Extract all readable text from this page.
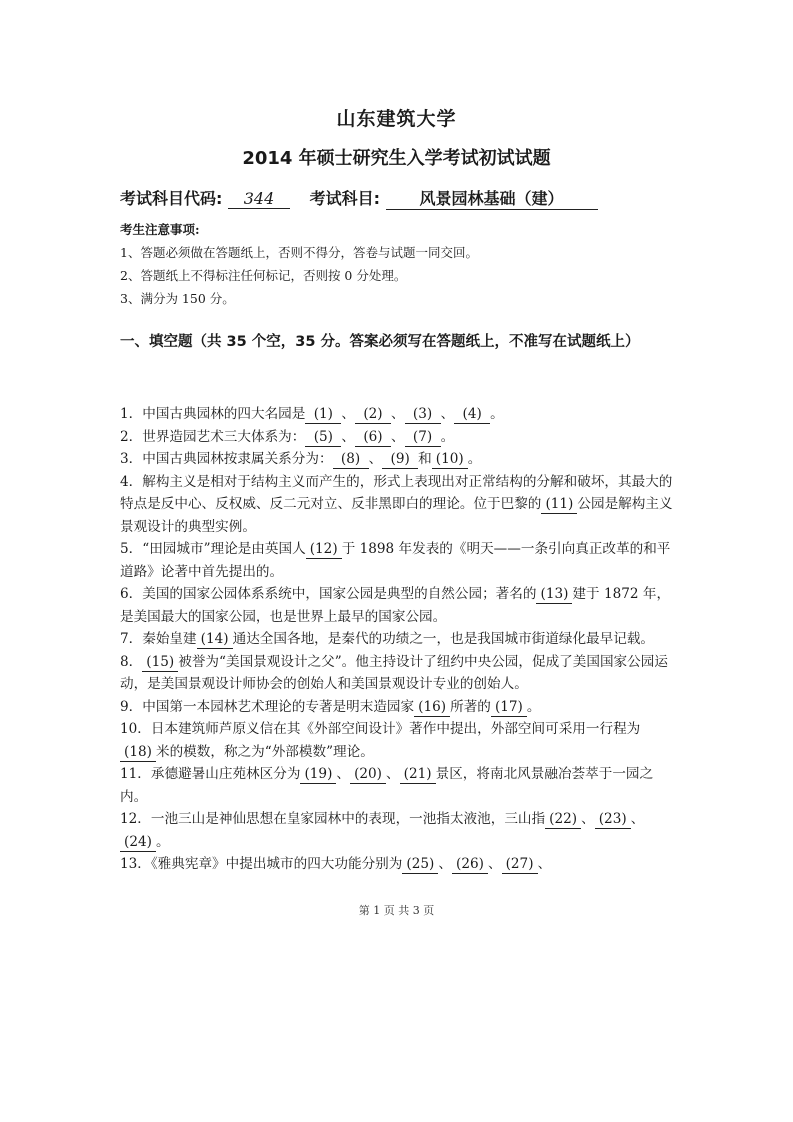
山东建筑大学
2014 年硕士研究生入学考试初试试题
考试科目代码: 344 考试科目: 风景园林基础（建）
考生注意事项:
1、答题必须做在答题纸上，否则不得分，答卷与试题一同交回。
2、答题纸上不得标注任何标记，否则按 0 分处理。
3、满分为 150 分。
一、填空题（共 35 个空，35 分。答案必须写在答题纸上，不准写在试题纸上）

1．中国古典园林的四大名园是 (1) 、 (2) 、 (3) 、 (4) 。

2．世界造园艺术三大体系为： (5) 、 (6) 、 (7) 。

3．中国古典园林按隶属关系分为： (8) 、 (9) 和 (10) 。

4．解构主义是相对于结构主义而产生的，形式上表现出对正常结构的分解和破坏，其最大的特点是反中心、反权威、反二元对立、反非黑即白的理论。位于巴黎的 (11) 公园是解构主义景观设计的典型实例。

5．“田园城市”理论是由英国人 (12) 于 1898 年发表的《明天——一条引向真正改革的和平道路》论著中首先提出的。

6．美国的国家公园体系系统中，国家公园是典型的自然公园；著名的 (13) 建于 1872 年，是美国最大的国家公园，也是世界上最早的国家公园。

7．秦始皇建 (14) 通达全国各地，是秦代的功绩之一，也是我国城市街道绿化最早记载。

8． (15) 被誉为“美国景观设计之父”。他主持设计了纽约中央公园，促成了美国国家公园运动，是美国景观设计师协会的创始人和美国景观设计专业的创始人。

9．中国第一本园林艺术理论的专著是明末造园家 (16) 所著的 (17) 。

10．日本建筑师芦原义信在其《外部空间设计》著作中提出，外部空间可采用一行程为(18) 米的模数，称之为“外部模数”理论。

11．承德避暑山庄苑林区分为 (19) 、 (20) 、 (21) 景区，将南北风景融冶荟萃于一园之内。

12．一池三山是神仙思想在皇家园林中的表现，一池指太液池，三山指 (22) 、 (23) 、(24) 。

13．《雅典宪章》中提出城市的四大功能分别为 (25) 、 (26) 、 (27) 、

第 1 页 共 3 页
